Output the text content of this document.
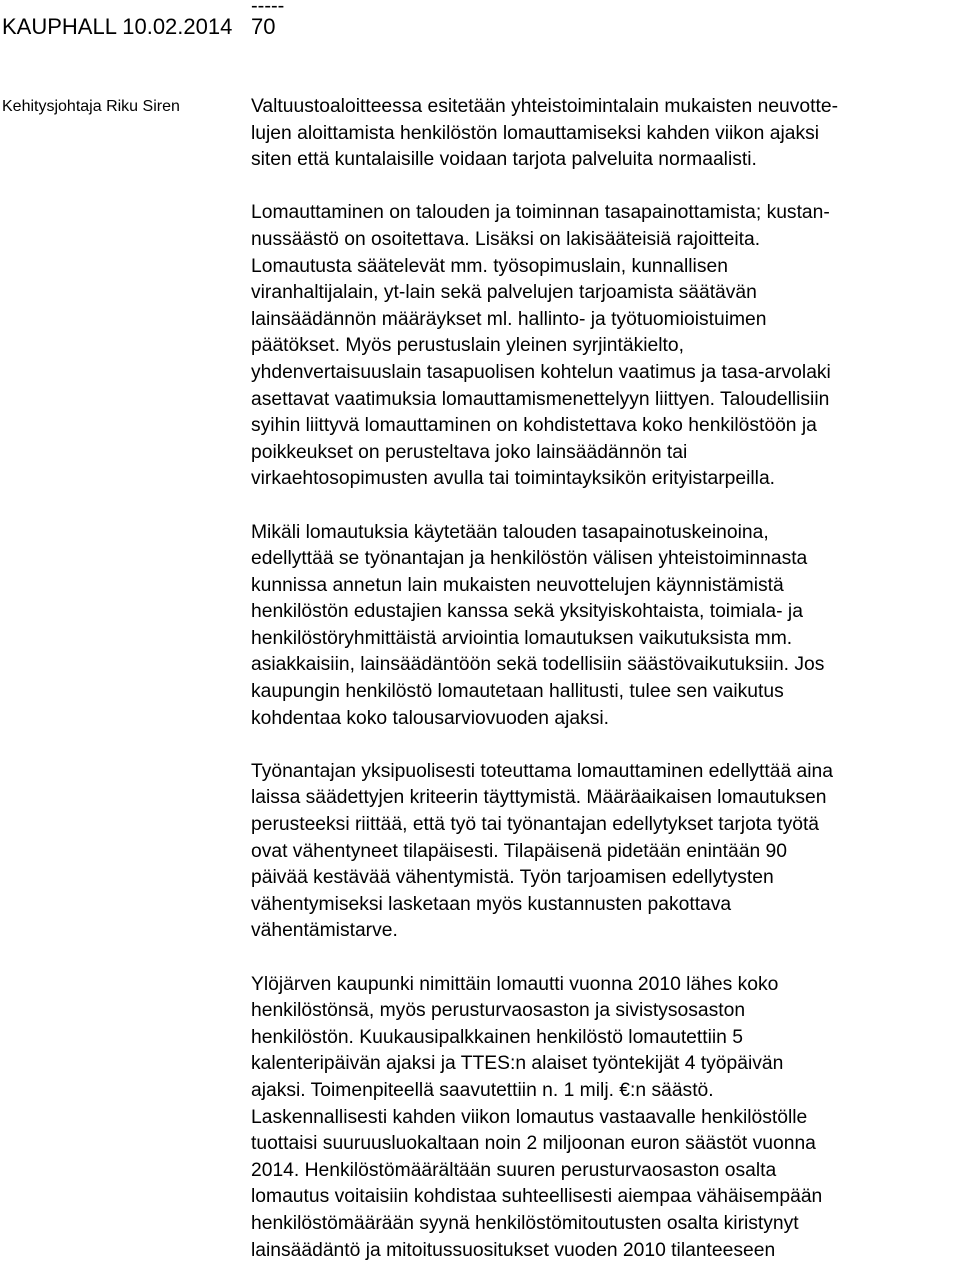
-----
KAUPHALL 10.02.2014 70
Kehitysjohtaja Riku Siren	Valtuustoaloitteessa esitetään yhteistoimintalain mukaisten neuvotte-
lujen aloittamista henkilöstön lomauttamiseksi kahden viikon ajaksi
siten että kuntalaisille voidaan tarjota palveluita normaalisti.
Lomauttaminen on talouden ja toiminnan tasapainottamista; kustan-
nussäästö on osoitettava. Lisäksi on lakisääteisiä rajoitteita.
Lomautusta säätelevät mm. työsopimuslain, kunnallisen
viranhaltijalain, yt-lain sekä palvelujen tarjoamista säätävän
lainsäädännön määräykset ml. hallinto- ja työtuomioistuimen
päätökset. Myös perustuslain yleinen syrjintäkielto,
yhdenvertaisuuslain tasapuolisen kohtelun vaatimus ja tasa-arvolaki
asettavat vaatimuksia lomauttamismenettelyyn liittyen. Taloudellisiin
syihin liittyvä lomauttaminen on kohdistettava koko henkilöstöön ja
poikkeukset on perusteltava joko lainsäädännön tai
virkaehtosopimusten avulla tai toimintayksikön erityistarpeilla.
Mikäli lomautuksia käytetään talouden tasapainotuskeinoina,
edellyttää se työnantajan ja henkilöstön välisen yhteistoiminnasta
kunnissa annetun lain mukaisten neuvottelujen käynnistämistä
henkilöstön edustajien kanssa sekä yksityiskohtaista, toimiala- ja
henkilöstöryhmittäistä arviointia lomautuksen vaikutuksista mm.
asiakkaisiin, lainsäädäntöön sekä todellisiin säästövaikutuksiin. Jos
kaupungin henkilöstö lomautetaan hallitusti, tulee sen vaikutus
kohdentaa koko talousarviovuoden ajaksi.
Työnantajan yksipuolisesti toteuttama lomauttaminen edellyttää aina
laissa säädettyjen kriteerin täyttymistä. Määräaikaisen lomautuksen
perusteeksi riittää, että työ tai työnantajan edellytykset tarjota työtä
ovat vähentyneet tilapäisesti. Tilapäisenä pidetään enintään 90
päivää kestävää vähentymistä. Työn tarjoamisen edellytysten
vähentymiseksi lasketaan myös kustannusten pakottava
vähentämistarve.
Ylöjärven kaupunki nimittäin lomautti vuonna 2010 lähes koko
henkilöstönsä, myös perusturvaosaston ja sivistysosaston
henkilöstön. Kuukausipalkkainen henkilöstö lomautettiin 5
kalenteripäivän ajaksi ja TTES:n alaiset työntekijät 4 työpäivän
ajaksi. Toimenpiteellä saavutettiin n. 1 milj. €:n säästö.
Laskennallisesti kahden viikon lomautus vastaavalle henkilöstölle
tuottaisi suuruusluokaltaan noin 2 miljoonan euron säästöt vuonna
2014. Henkilöstömäärältään suuren perusturvaosaston osalta
lomautus voitaisiin kohdistaa suhteellisesti aiempaa vähäisempään
henkilöstömäärään syynä henkilöstömitoutusten osalta kiristynyt
lainsäädäntö ja mitoitussuositukset vuoden 2010 tilanteeseen
